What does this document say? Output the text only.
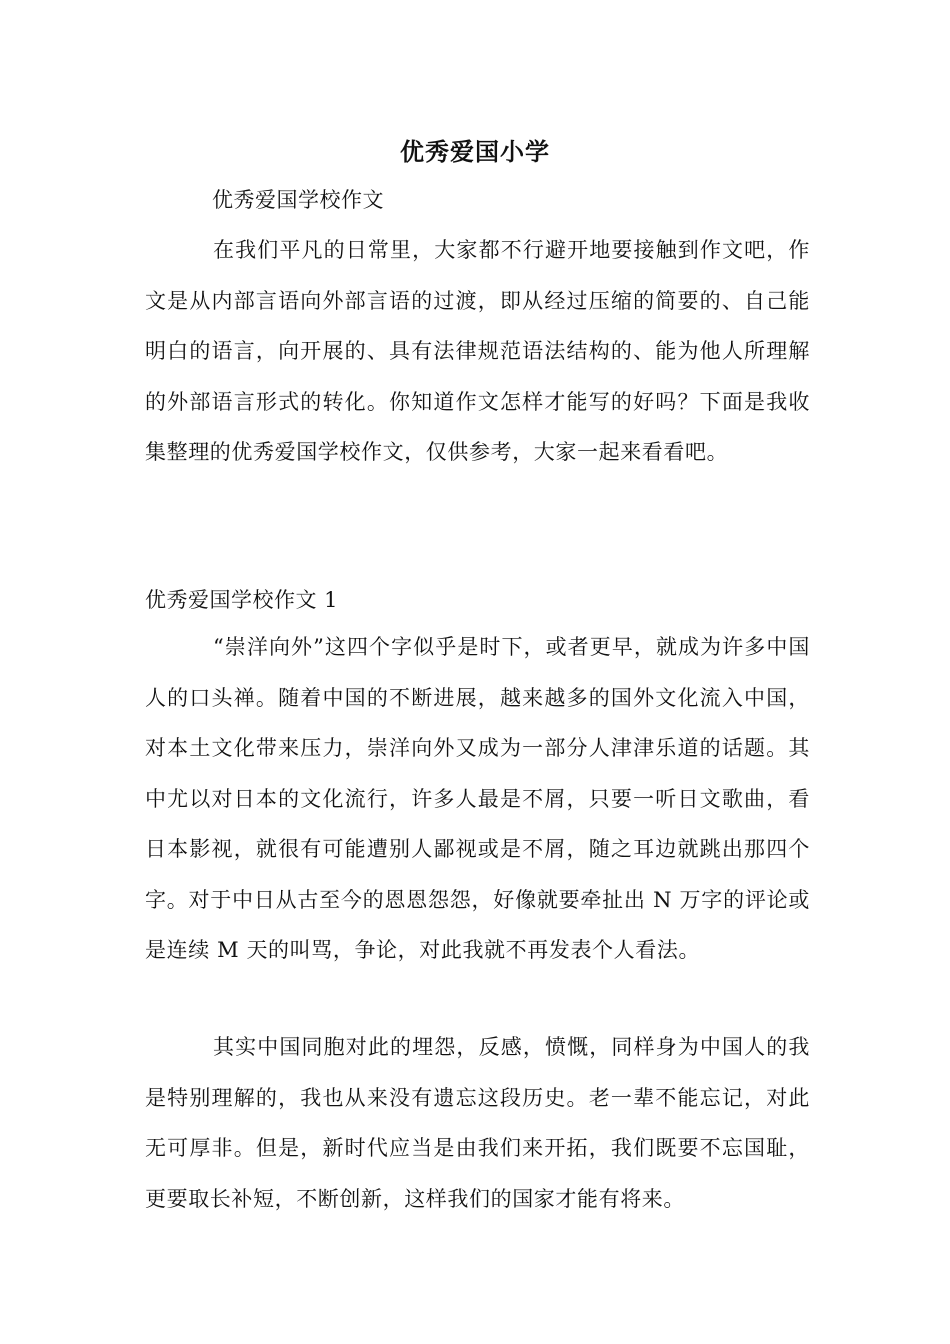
优秀爱国小学
优秀爱国学校作文

在我们平凡的日常里，大家都不行避开地要接触到作文吧，作文是从内部言语向外部言语的过渡，即从经过压缩的简要的、自己能明白的语言，向开展的、具有法律规范语法结构的、能为他人所理解的外部语言形式的转化。你知道作文怎样才能写的好吗？下面是我收集整理的优秀爱国学校作文，仅供参考，大家一起来看看吧。

优秀爱国学校作文 1

“崇洋向外”这四个字似乎是时下，或者更早，就成为许多中国人的口头禅。随着中国的不断进展，越来越多的国外文化流入中国，对本土文化带来压力，崇洋向外又成为一部分人津津乐道的话题。其中尤以对日本的文化流行，许多人最是不屑，只要一听日文歌曲，看日本影视，就很有可能遭别人鄙视或是不屑，随之耳边就跳出那四个字。对于中日从古至今的恩恩怨怨，好像就要牵扯出 N 万字的评论或是连续 M 天的叫骂，争论，对此我就不再发表个人看法。

其实中国同胞对此的埋怨，反感，愤慨，同样身为中国人的我是特别理解的，我也从来没有遗忘这段历史。老一辈不能忘记，对此无可厚非。但是，新时代应当是由我们来开拓，我们既要不忘国耻，更要取长补短，不断创新，这样我们的国家才能有将来。
